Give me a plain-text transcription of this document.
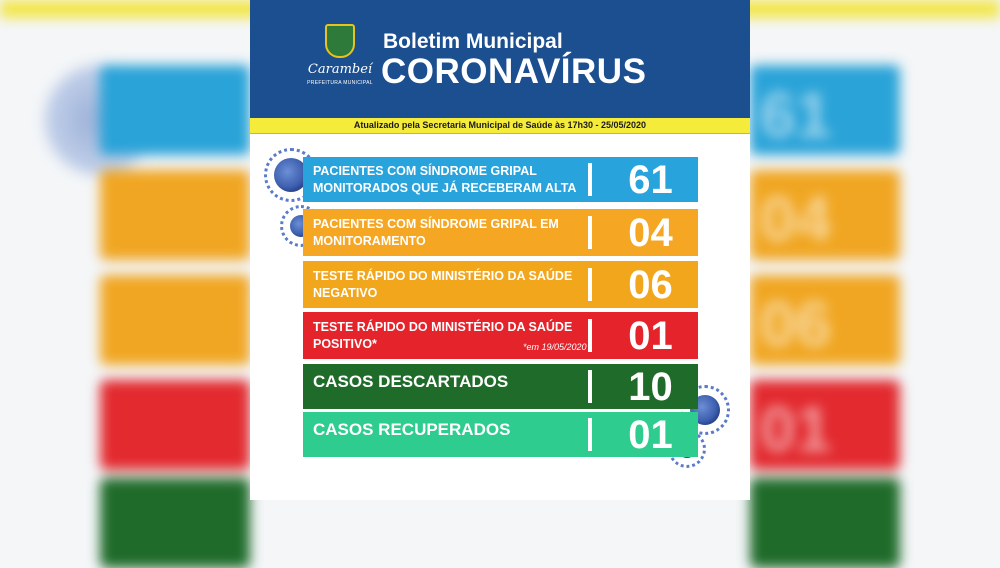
61
04
06
01
Carambeí
PREFEITURA MUNICIPAL
Boletim Municipal
CORONAVÍRUS
Atualizado pela Secretaria Municipal de Saúde às 17h30 - 25/05/2020
PACIENTES COM SÍNDROME GRIPAL
MONITORADOS QUE JÁ RECEBERAM ALTA	61
PACIENTES COM SÍNDROME GRIPAL EM
MONITORAMENTO	04
TESTE RÁPIDO DO MINISTÉRIO DA SAÚDE
NEGATIVO	06
TESTE RÁPIDO DO MINISTÉRIO DA SAÚDE
POSITIVO*	*em 19/05/2020	01
CASOS DESCARTADOS	10
CASOS RECUPERADOS	01
